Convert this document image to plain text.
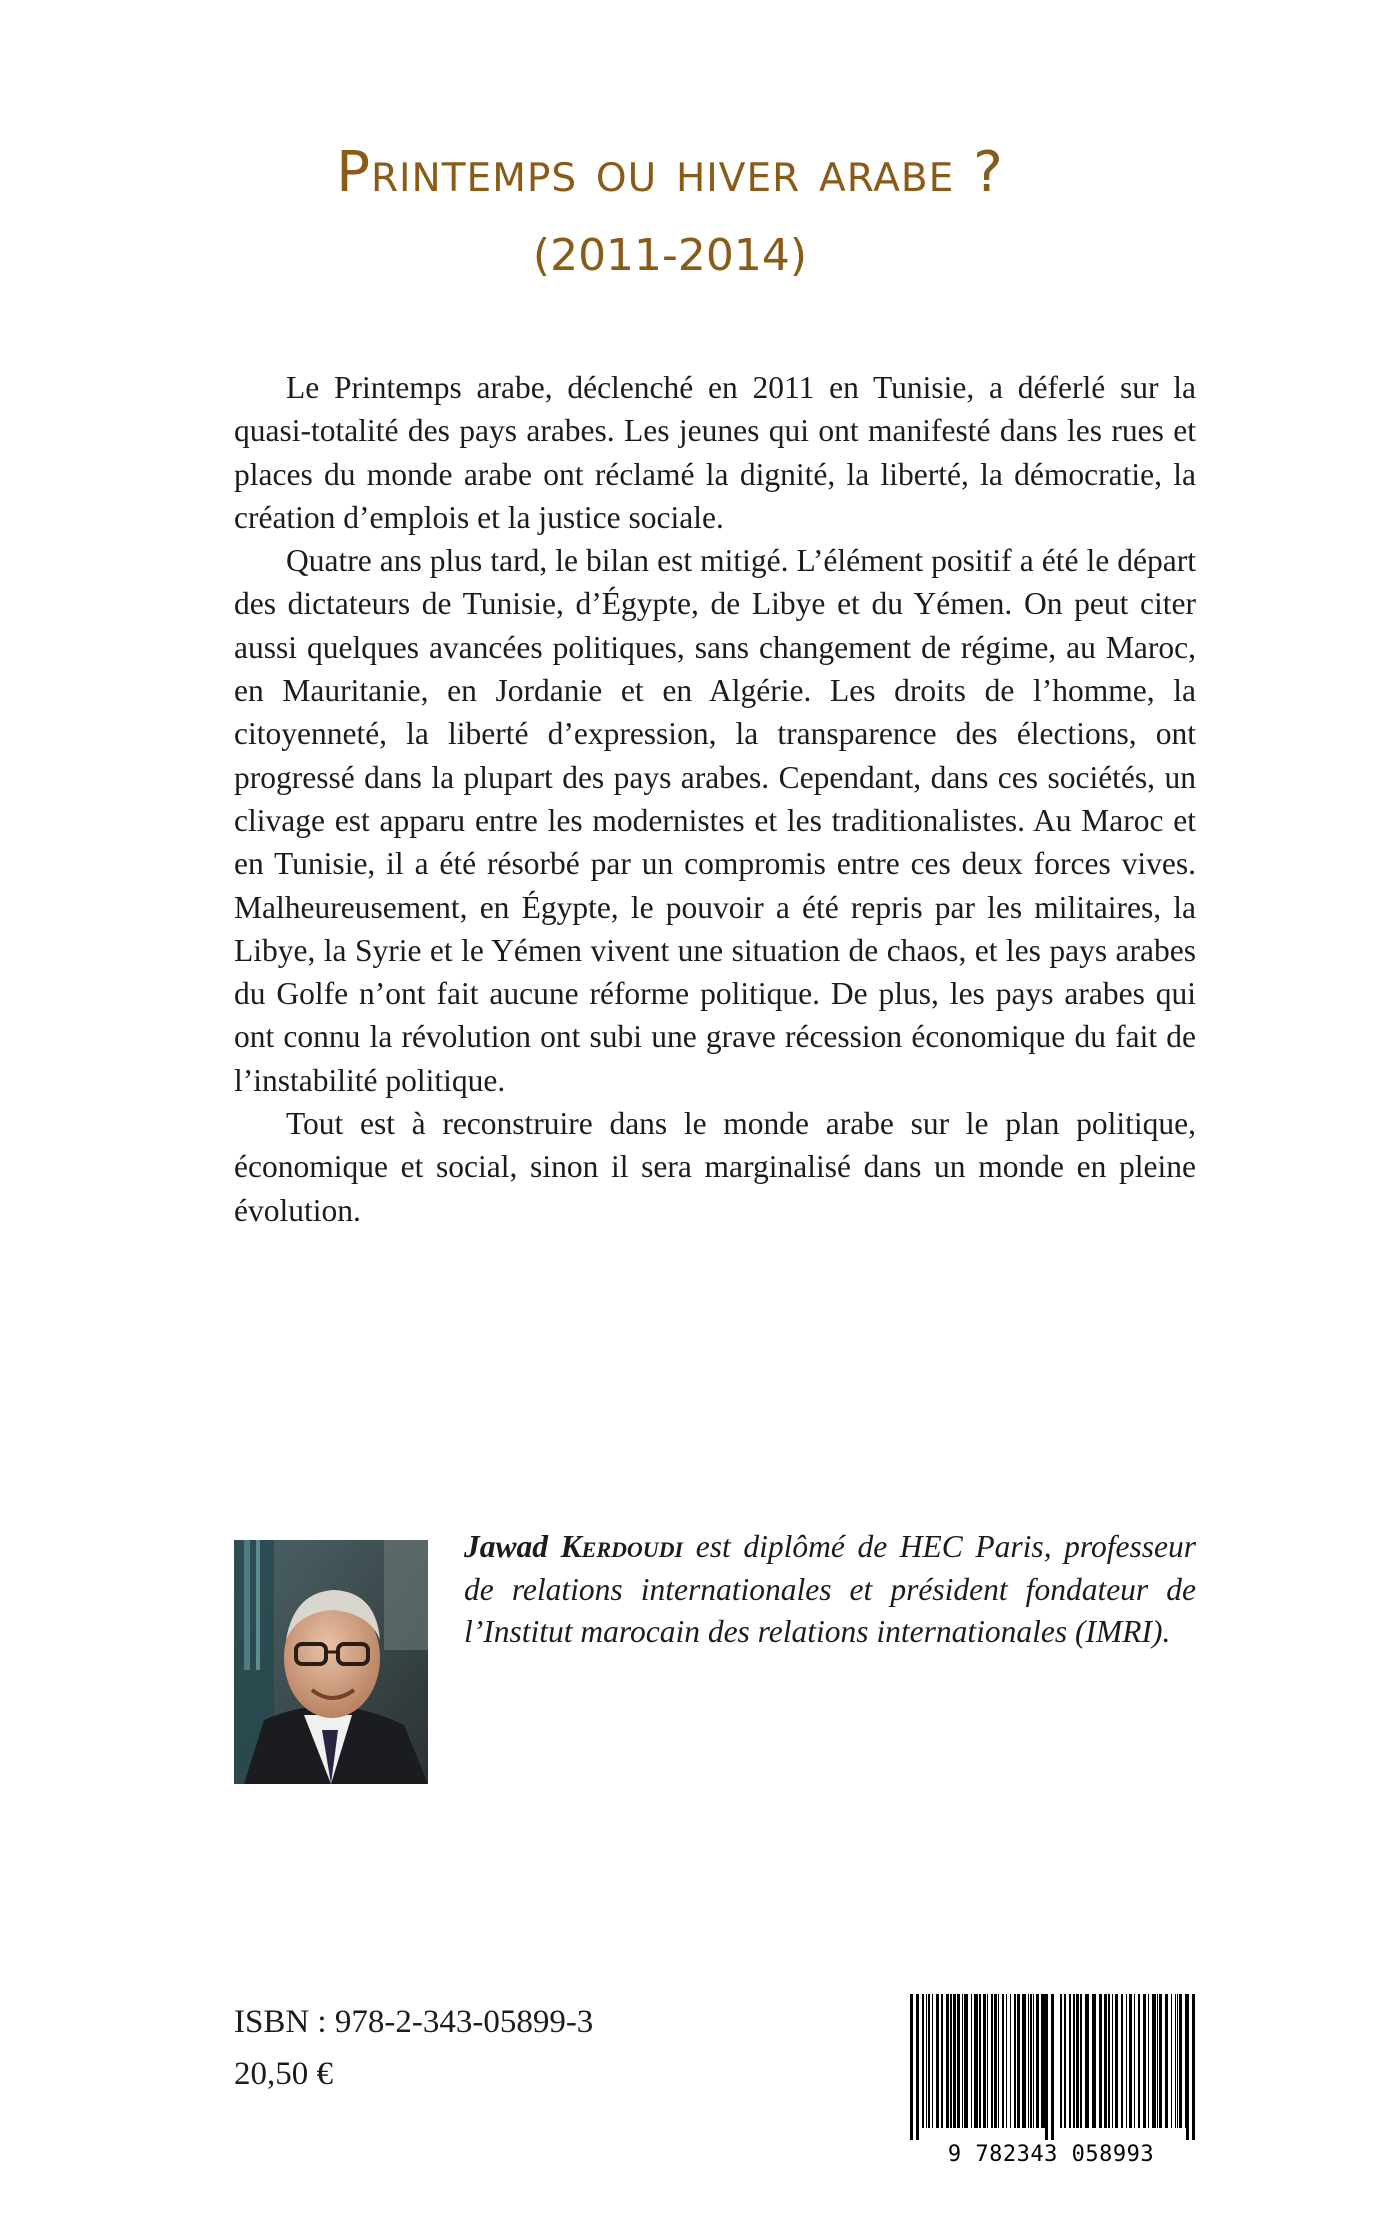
Printemps ou hiver arabe ?
(2011-2014)

Le Printemps arabe, déclenché en 2011 en Tunisie, a déferlé sur la quasi-totalité des pays arabes. Les jeunes qui ont manifesté dans les rues et places du monde arabe ont réclamé la dignité, la liberté, la démocratie, la création d’emplois et la justice sociale.

Quatre ans plus tard, le bilan est mitigé. L’élément positif a été le départ des dictateurs de Tunisie, d’Égypte, de Libye et du Yémen. On peut citer aussi quelques avancées politiques, sans changement de régime, au Maroc, en Mauritanie, en Jordanie et en Algérie. Les droits de l’homme, la citoyenneté, la liberté d’expression, la transparence des élections, ont progressé dans la plupart des pays arabes. Cependant, dans ces sociétés, un clivage est apparu entre les modernistes et les traditionalistes. Au Maroc et en Tunisie, il a été résorbé par un compromis entre ces deux forces vives. Malheureusement, en Égypte, le pouvoir a été repris par les militaires, la Libye, la Syrie et le Yémen vivent une situation de chaos, et les pays arabes du Golfe n’ont fait aucune réforme politique. De plus, les pays arabes qui ont connu la révolution ont subi une grave récession économique du fait de l’instabilité politique.

Tout est à reconstruire dans le monde arabe sur le plan politique, économique et social, sinon il sera marginalisé dans un monde en pleine évolution.

Jawad Kerdoudi est diplômé de HEC Paris, professeur de relations internationales et président fondateur de l’Institut marocain des relations internationales (IMRI).

ISBN : 978-2-343-05899-3

20,50 €

9 782343 058993
